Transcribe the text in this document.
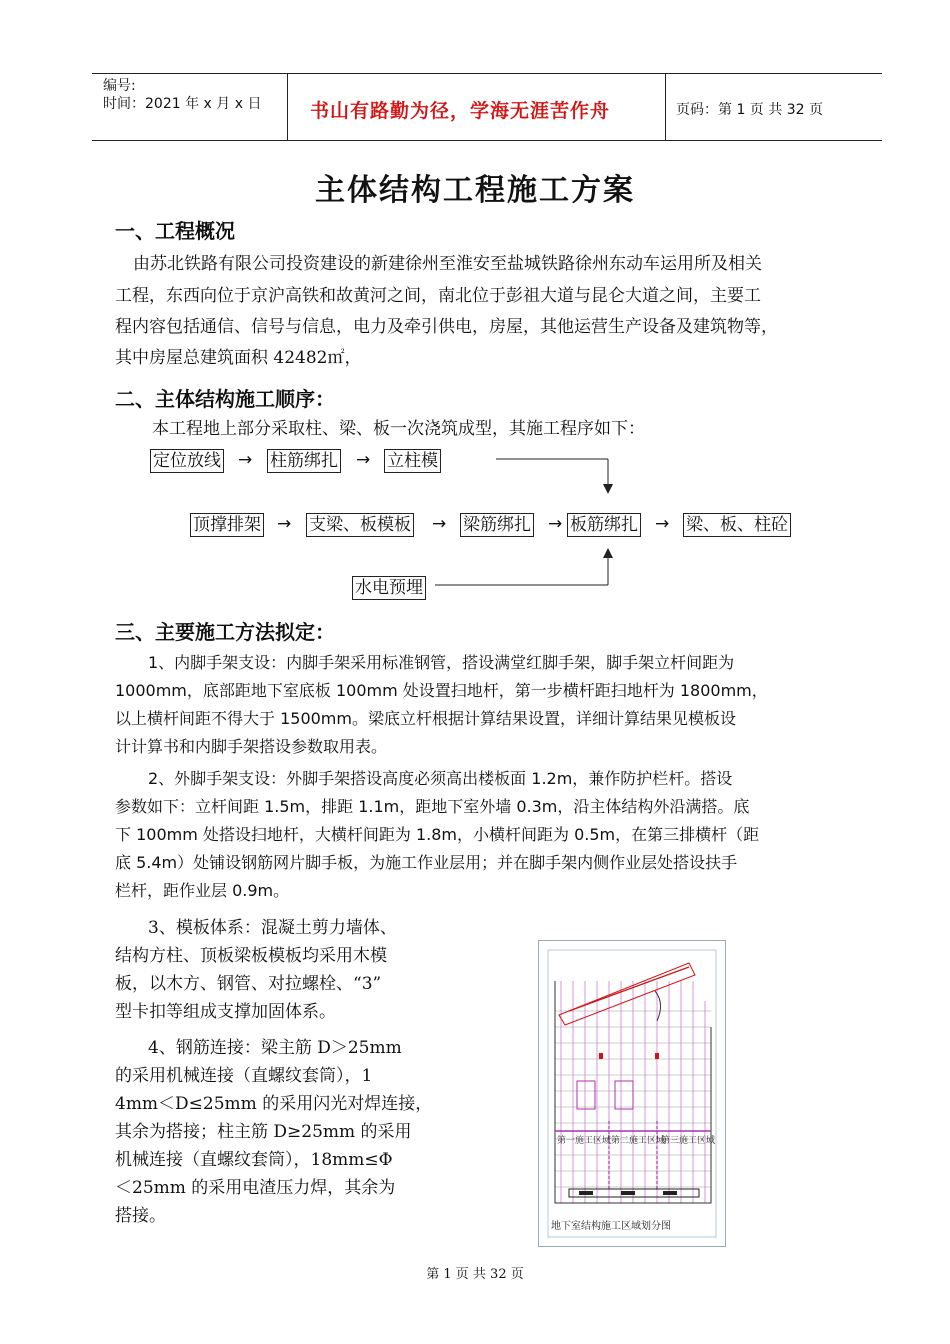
编号:
时间：2021 年 x 月 x 日	书山有路勤为径，学海无涯苦作舟	页码：第 1 页 共 32 页
主体结构工程施工方案
一、工程概况
由苏北铁路有限公司投资建设的新建徐州至淮安至盐城铁路徐州东动车运用所及相关
工程，东西向位于京沪高铁和故黄河之间，南北位于彭祖大道与昆仑大道之间，主要工
程内容包括通信、信号与信息，电力及牵引供电，房屋，其他运营生产设备及建筑物等，
其中房屋总建筑面积 42482㎡，
二、主体结构施工顺序：
本工程地上部分采取柱、梁、板一次浇筑成型，其施工程序如下：
定位放线 → 柱筋绑扎 → 立柱模
顶撑排架 → 支梁、板模板 → 梁筋绑扎 → 板筋绑扎 → 梁、板、柱砼
水电预埋
三、主要施工方法拟定：
1、内脚手架支设：内脚手架采用标准钢管，搭设满堂红脚手架，脚手架立杆间距为
1000mm，底部距地下室底板 100mm 处设置扫地杆，第一步横杆距扫地杆为 1800mm，
以上横杆间距不得大于 1500mm。梁底立杆根据计算结果设置，详细计算结果见模板设
计计算书和内脚手架搭设参数取用表。
2、外脚手架支设：外脚手架搭设高度必须高出楼板面 1.2m，兼作防护栏杆。搭设
参数如下：立杆间距 1.5m，排距 1.1m，距地下室外墙 0.3m，沿主体结构外沿满搭。底
下 100mm 处搭设扫地杆，大横杆间距为 1.8m，小横杆间距为 0.5m，在第三排横杆（距
底 5.4m）处铺设钢筋网片脚手板，为施工作业层用；并在脚手架内侧作业层处搭设扶手
栏杆，距作业层 0.9m。
3、模板体系：混凝土剪力墙体、
结构方柱、顶板梁板模板均采用木模
板，以木方、钢管、对拉螺栓、“3”
型卡扣等组成支撑加固体系。
4、钢筋连接：梁主筋 D＞25mm
的采用机械连接（直螺纹套筒），1
4mm＜D≤25mm 的采用闪光对焊连接，
其余为搭接；柱主筋 D≥25mm 的采用
机械连接（直螺纹套筒），18mm≤Φ
＜25mm 的采用电渣压力焊，其余为
搭接。
第一施工区域 第二施工区域
第三施工区域
地下室结构施工区域划分图
第 1 页 共 32 页
